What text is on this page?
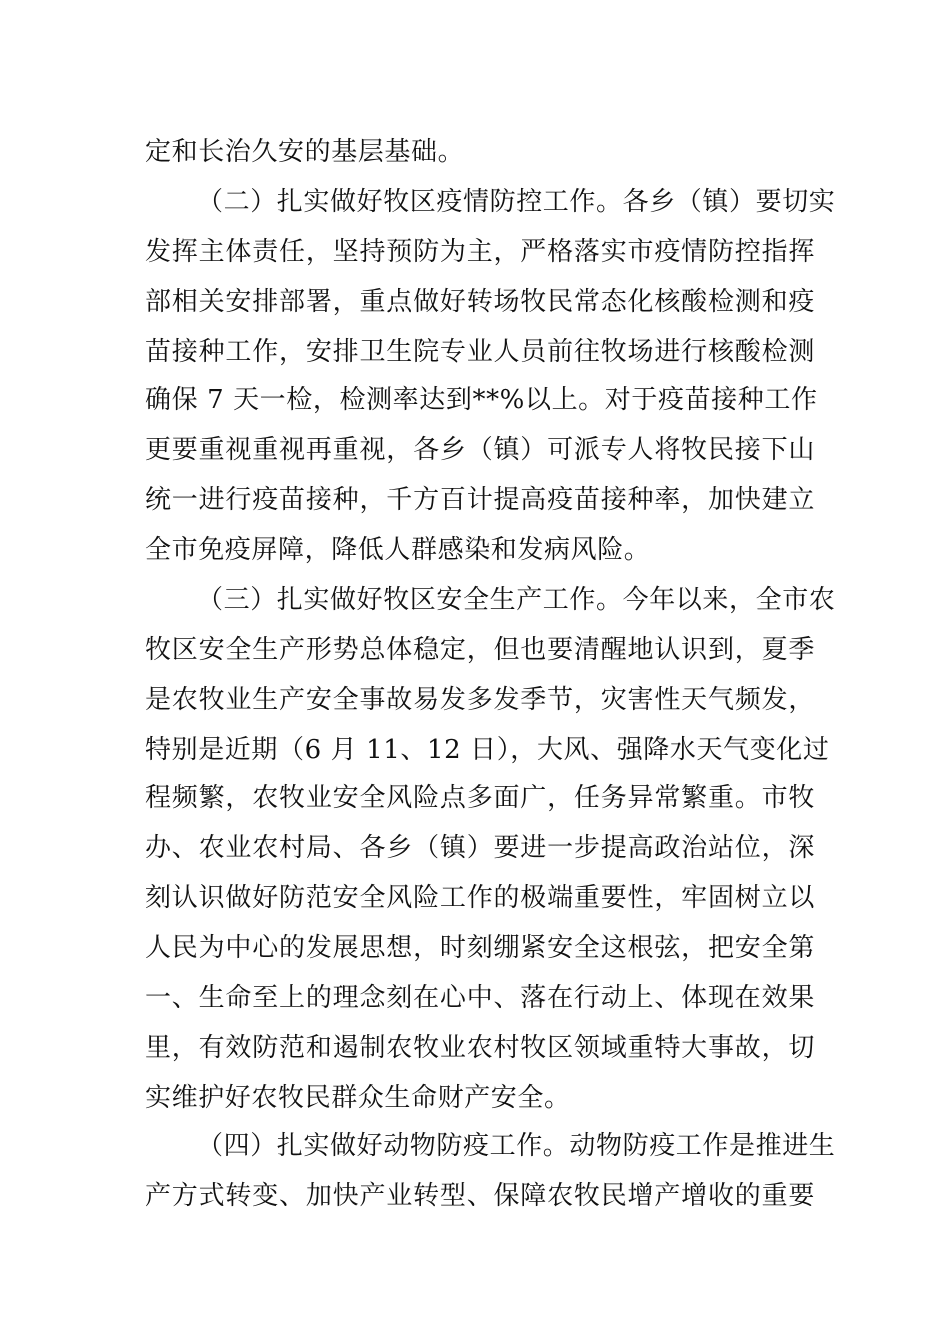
定和长治久安的基层基础。
（二）扎实做好牧区疫情防控工作。各乡（镇）要切实
发挥主体责任，坚持预防为主，严格落实市疫情防控指挥
部相关安排部署，重点做好转场牧民常态化核酸检测和疫
苗接种工作，安排卫生院专业人员前往牧场进行核酸检测
确保 7 天一检，检测率达到**%以上。对于疫苗接种工作
更要重视重视再重视，各乡（镇）可派专人将牧民接下山
统一进行疫苗接种，千方百计提高疫苗接种率，加快建立
全市免疫屏障，降低人群感染和发病风险。
（三）扎实做好牧区安全生产工作。今年以来，全市农
牧区安全生产形势总体稳定，但也要清醒地认识到，夏季
是农牧业生产安全事故易发多发季节，灾害性天气频发，
特别是近期（6 月 11、12 日），大风、强降水天气变化过
程频繁，农牧业安全风险点多面广，任务异常繁重。市牧
办、农业农村局、各乡（镇）要进一步提高政治站位，深
刻认识做好防范安全风险工作的极端重要性，牢固树立以
人民为中心的发展思想，时刻绷紧安全这根弦，把安全第
一、生命至上的理念刻在心中、落在行动上、体现在效果
里，有效防范和遏制农牧业农村牧区领域重特大事故，切
实维护好农牧民群众生命财产安全。
（四）扎实做好动物防疫工作。动物防疫工作是推进生
产方式转变、加快产业转型、保障农牧民增产增收的重要
